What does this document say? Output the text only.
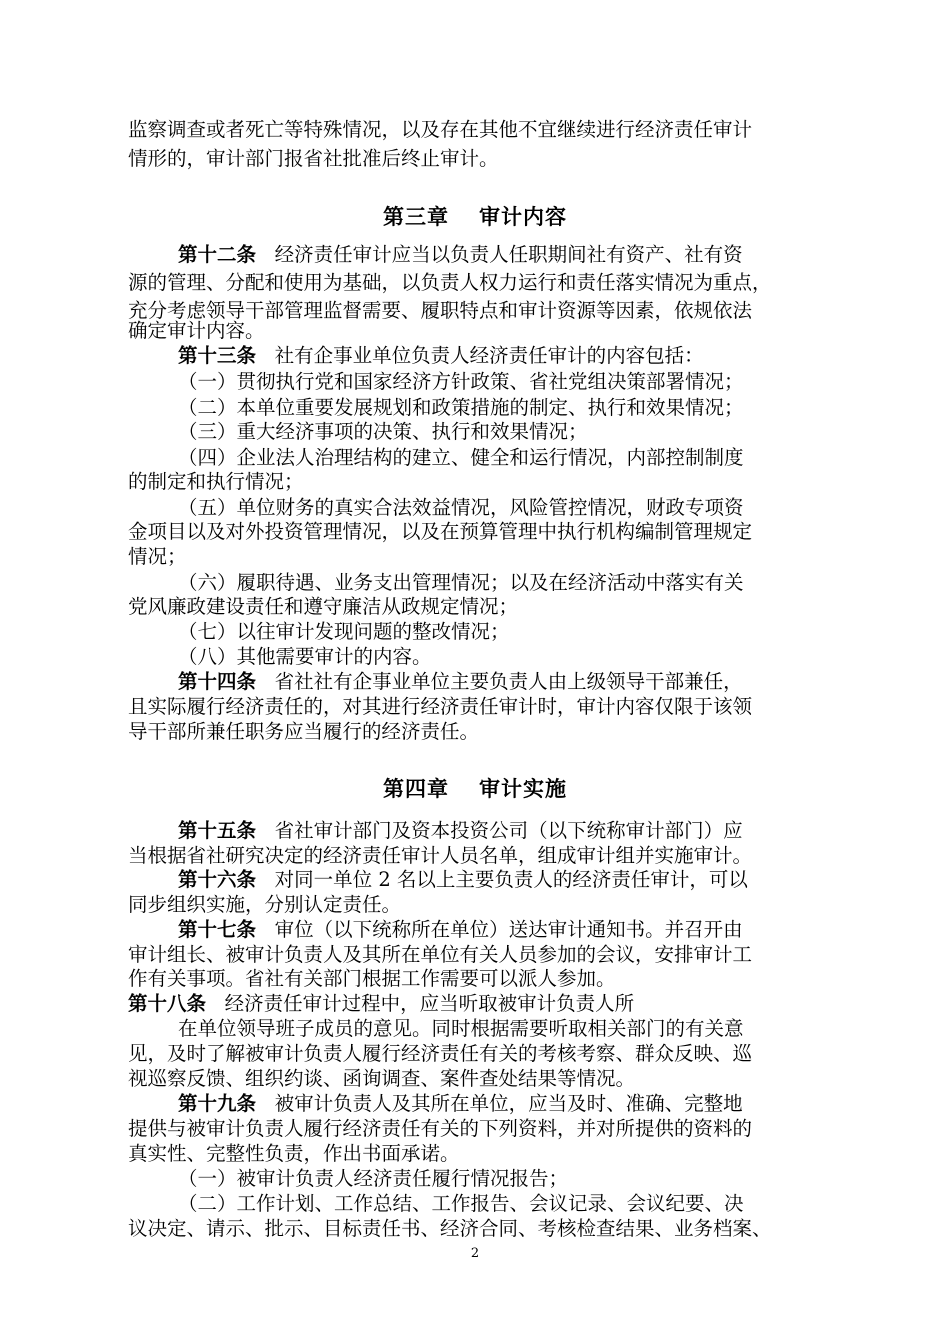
监察调查或者死亡等特殊情况，以及存在其他不宜继续进行经济责任审计
情形的，审计部门报省社批准后终止审计。
第三章 审计内容
第十二条 经济责任审计应当以负责人任职期间社有资产、社有资
源的管理、分配和使用为基础，以负责人权力运行和责任落实情况为重点，
充分考虑领导干部管理监督需要、履职特点和审计资源等因素，依规依法
确定审计内容。
第十三条 社有企事业单位负责人经济责任审计的内容包括：
（一）贯彻执行党和国家经济方针政策、省社党组决策部署情况；
（二）本单位重要发展规划和政策措施的制定、执行和效果情况；
（三）重大经济事项的决策、执行和效果情况；
（四）企业法人治理结构的建立、健全和运行情况，内部控制制度
的制定和执行情况；
（五）单位财务的真实合法效益情况，风险管控情况，财政专项资
金项目以及对外投资管理情况，以及在预算管理中执行机构编制管理规定
情况；
（六）履职待遇、业务支出管理情况；以及在经济活动中落实有关
党风廉政建设责任和遵守廉洁从政规定情况；
（七）以往审计发现问题的整改情况；
（八）其他需要审计的内容。
第十四条 省社社有企事业单位主要负责人由上级领导干部兼任，
且实际履行经济责任的，对其进行经济责任审计时，审计内容仅限于该领
导干部所兼任职务应当履行的经济责任。
第四章 审计实施
第十五条 省社审计部门及资本投资公司（以下统称审计部门）应
当根据省社研究决定的经济责任审计人员名单，组成审计组并实施审计。
第十六条 对同一单位 2 名以上主要负责人的经济责任审计，可以
同步组织实施，分别认定责任。
第十七条 审位（以下统称所在单位）送达审计通知书。并召开由
审计组长、被审计负责人及其所在单位有关人员参加的会议，安排审计工
作有关事项。省社有关部门根据工作需要可以派人参加。
第十八条 经济责任审计过程中，应当听取被审计负责人所
在单位领导班子成员的意见。同时根据需要听取相关部门的有关意
见，及时了解被审计负责人履行经济责任有关的考核考察、群众反映、巡
视巡察反馈、组织约谈、函询调查、案件查处结果等情况。
第十九条 被审计负责人及其所在单位，应当及时、准确、完整地
提供与被审计负责人履行经济责任有关的下列资料，并对所提供的资料的
真实性、完整性负责，作出书面承诺。
（一）被审计负责人经济责任履行情况报告；
（二）工作计划、工作总结、工作报告、会议记录、会议纪要、决
议决定、请示、批示、目标责任书、经济合同、考核检查结果、业务档案、
2
